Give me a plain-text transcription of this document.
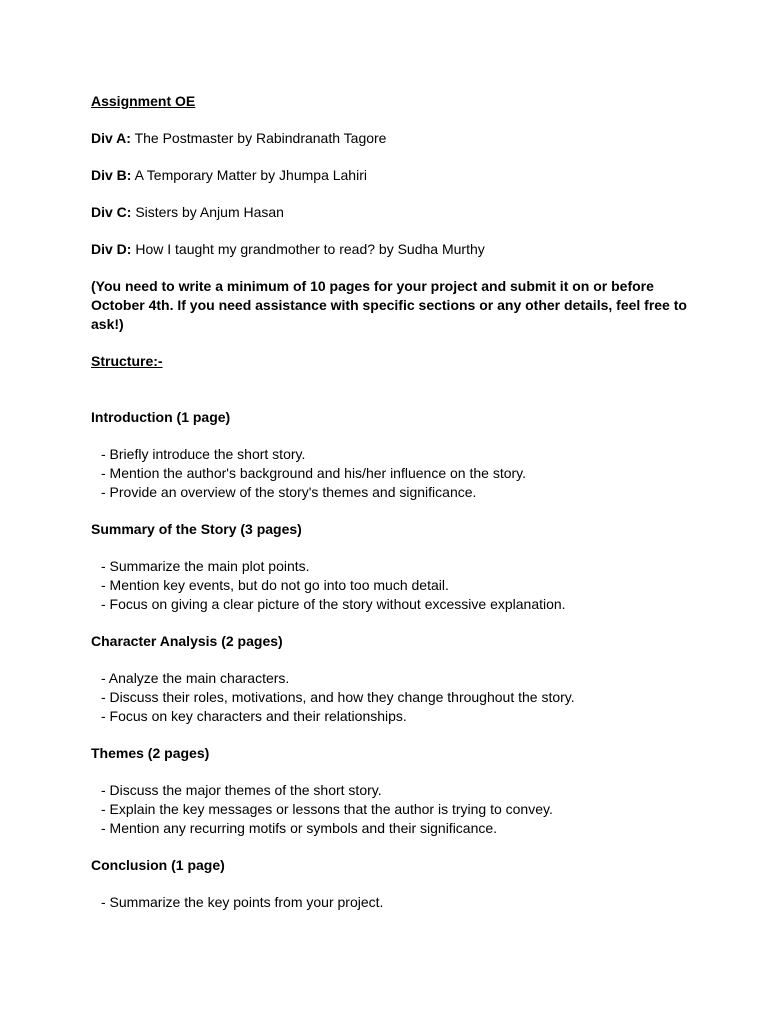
Assignment OE
Div A: The Postmaster by Rabindranath Tagore
Div B: A Temporary Matter by Jhumpa Lahiri
Div C: Sisters by Anjum Hasan
Div D: How I taught my grandmother to read? by Sudha Murthy
(You need to write a minimum of 10 pages for your project and submit it on or before October 4th. If you need assistance with specific sections or any other details, feel free to ask!)
Structure:-
Introduction (1 page)
- Briefly introduce the short story.
- Mention the author's background and his/her influence on the story.
- Provide an overview of the story's themes and significance.
Summary of the Story (3 pages)
- Summarize the main plot points.
- Mention key events, but do not go into too much detail.
- Focus on giving a clear picture of the story without excessive explanation.
Character Analysis (2 pages)
- Analyze the main characters.
- Discuss their roles, motivations, and how they change throughout the story.
- Focus on key characters and their relationships.
Themes (2 pages)
- Discuss the major themes of the short story.
- Explain the key messages or lessons that the author is trying to convey.
- Mention any recurring motifs or symbols and their significance.
Conclusion (1 page)
- Summarize the key points from your project.
